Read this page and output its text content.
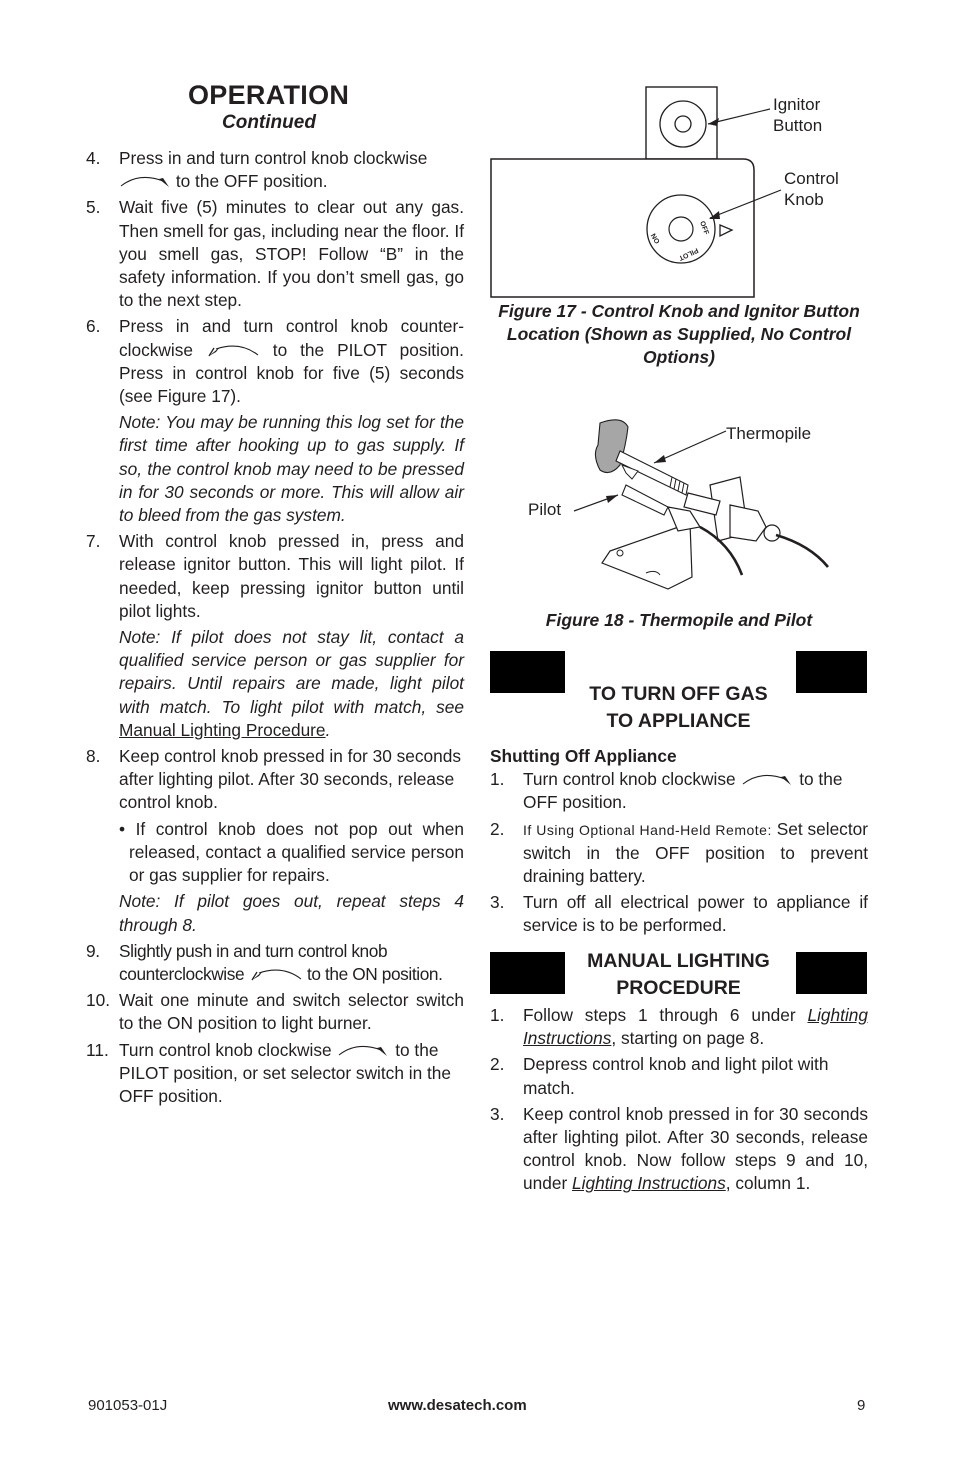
OPERATION
Continued
4. Press in and turn control knob clockwise
to the OFF position.

5. Wait five (5) minutes to clear out any gas. Then smell for gas, including near the floor. If you smell gas, STOP! Follow “B” in the safety information. If you don’t smell gas, go to the next step.

6. Press in and turn control knob counter-clockwise	to the PILOT position. Press in control knob for five (5) seconds (see Figure 17).

Note: You may be running this log set for the first time after hooking up to gas supply. If so, the control knob may need to be pressed in for 30 seconds or more. This will allow air to bleed from the gas system.

7. With control knob pressed in, press and release ignitor button. This will light pilot. If needed, keep pressing ignitor button until pilot lights.

Note: If pilot does not stay lit, contact a qualified service person or gas supplier for repairs. Until repairs are made, light pilot with match. To light pilot with match, see Manual Lighting Procedure.

8. Keep control knob pressed in for 30 seconds after lighting pilot. After 30 seconds, release control knob.

• If control knob does not pop out when released, contact a qualified service person or gas supplier for repairs.

Note: If pilot goes out, repeat steps 4 through 8.

9. Slightly push in and turn control knob counterclockwise	to the ON position.

10. Wait one minute and switch selector switch to the ON position to light burner.

11. Turn control knob clockwise	to the PILOT position, or set selector switch in the OFF position.

OFF
PILOT
ON
Ignitor Button
Control Knob
Figure 17 - Control Knob and Ignitor Button Location (Shown as Supplied, No Control Options)
Thermopile
Pilot
Figure 18 - Thermopile and Pilot
TO TURN OFF GAS TO APPLIANCE

Shutting Off Appliance

1. Turn control knob clockwise	to the OFF position.

2. If Using Optional Hand-Held Remote: Set selector switch in the OFF position to prevent draining battery.

3. Turn off all electrical power to appliance if service is to be performed.

MANUAL LIGHTING PROCEDURE
1. Follow steps 1 through 6 under Lighting Instructions, starting on page 8.

2. Depress control knob and light pilot with match.

3. Keep control knob pressed in for 30 seconds after lighting pilot. After 30 seconds, release control knob. Now follow steps 9 and 10, under Lighting Instructions, column 1.

901053-01J	www.desatech.com	9
